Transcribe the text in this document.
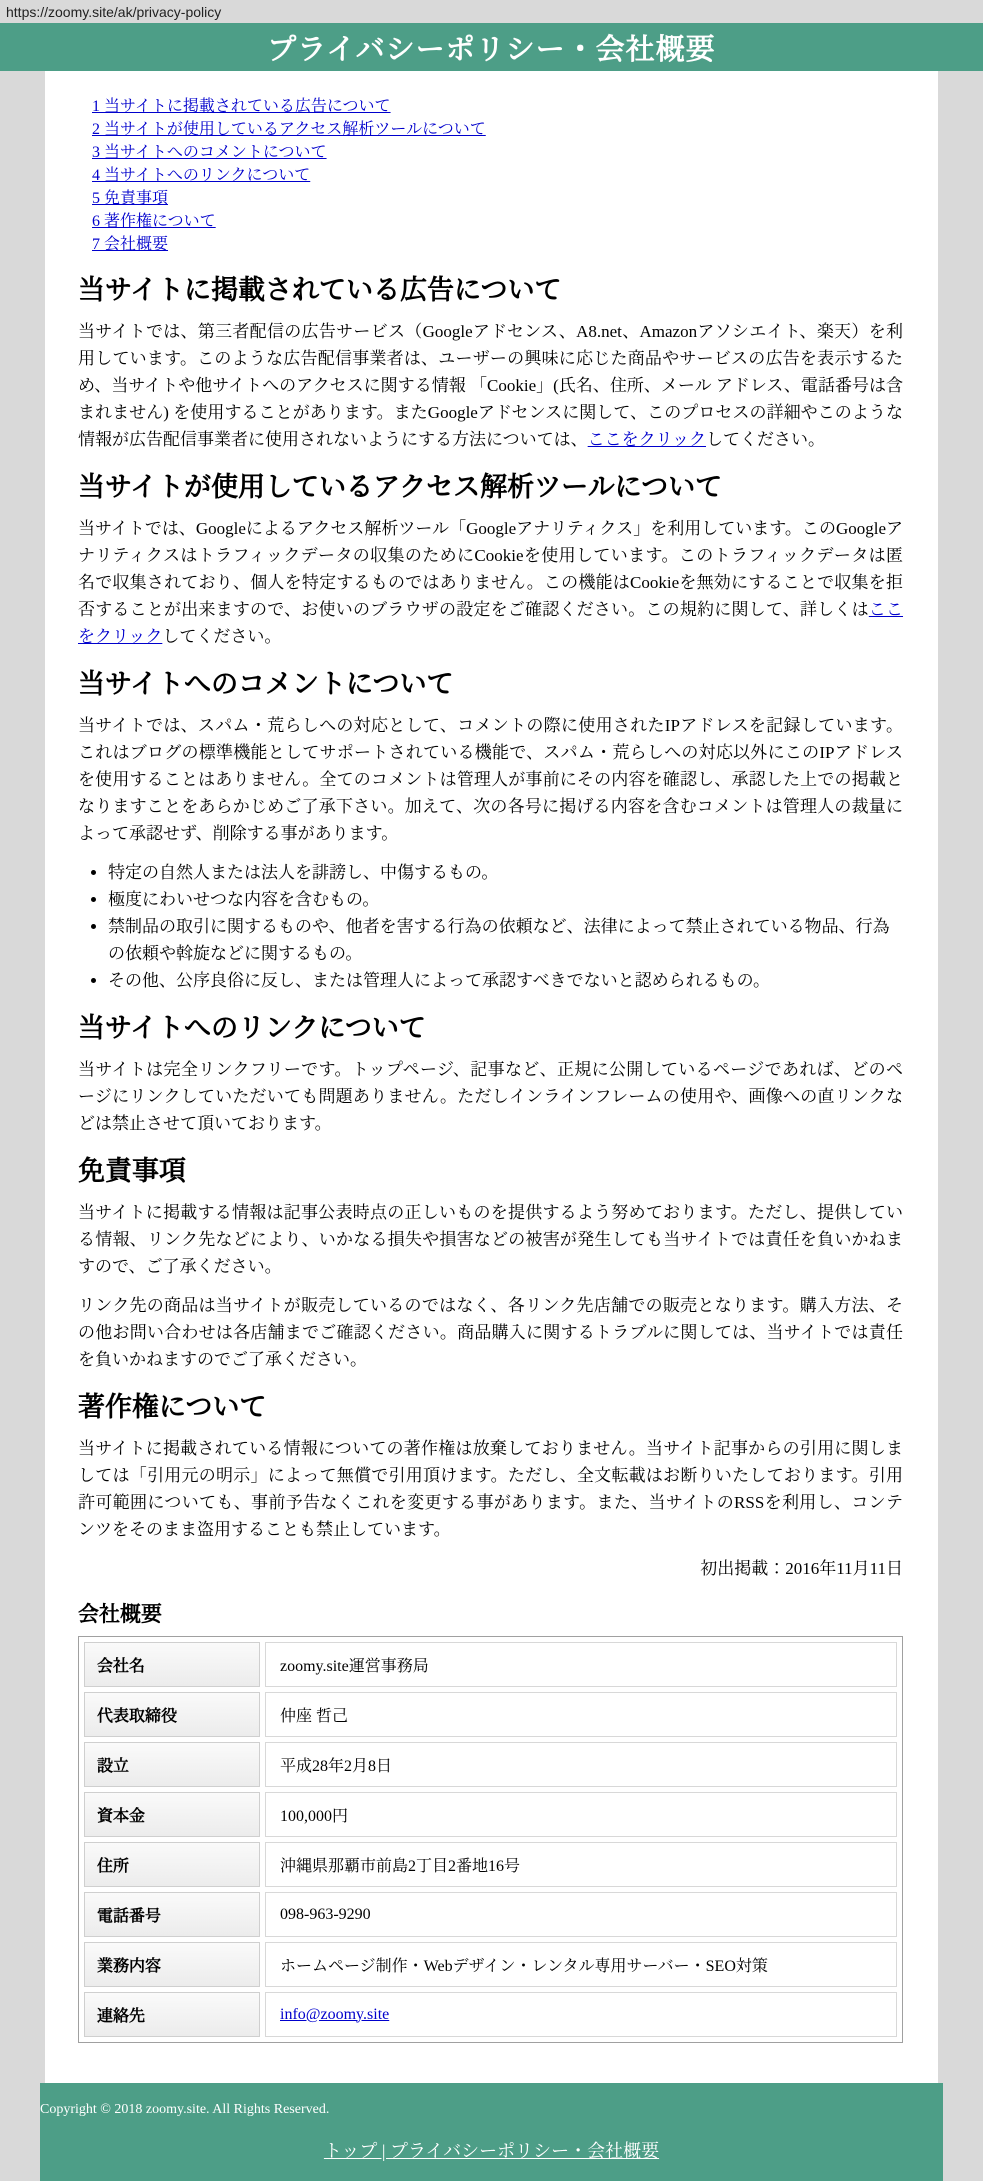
https://zoomy.site/ak/privacy-policy
プライバシーポリシー・会社概要
1 当サイトに掲載されている広告について
2 当サイトが使用しているアクセス解析ツールについて
3 当サイトへのコメントについて
4 当サイトへのリンクについて
5 免責事項
6 著作権について
7 会社概要
当サイトに掲載されている広告について

当サイトでは、第三者配信の広告サービス（Googleアドセンス、A8.net、Amazonアソシエイト、楽天）を利用しています。このような広告配信事業者は、ユーザーの興味に応じた商品やサービスの広告を表示するため、当サイトや他サイトへのアクセスに関する情報 「Cookie」(氏名、住所、メール アドレス、電話番号は含まれません) を使用することがあります。またGoogleアドセンスに関して、このプロセスの詳細やこのような情報が広告配信事業者に使用されないようにする方法については、ここをクリックしてください。

当サイトが使用しているアクセス解析ツールについて

当サイトでは、Googleによるアクセス解析ツール「Googleアナリティクス」を利用しています。このGoogleアナリティクスはトラフィックデータの収集のためにCookieを使用しています。このトラフィックデータは匿名で収集されており、個人を特定するものではありません。この機能はCookieを無効にすることで収集を拒否することが出来ますので、お使いのブラウザの設定をご確認ください。この規約に関して、詳しくはここをクリックしてください。

当サイトへのコメントについて

当サイトでは、スパム・荒らしへの対応として、コメントの際に使用されたIPアドレスを記録しています。これはブログの標準機能としてサポートされている機能で、スパム・荒らしへの対応以外にこのIPアドレスを使用することはありません。全てのコメントは管理人が事前にその内容を確認し、承認した上での掲載となりますことをあらかじめご了承下さい。加えて、次の各号に掲げる内容を含むコメントは管理人の裁量によって承認せず、削除する事があります。

• 特定の自然人または法人を誹謗し、中傷するもの。
• 極度にわいせつな内容を含むもの。
• 禁制品の取引に関するものや、他者を害する行為の依頼など、法律によって禁止されている物品、行為の依頼や斡旋などに関するもの。
• その他、公序良俗に反し、または管理人によって承認すべきでないと認められるもの。
当サイトへのリンクについて

当サイトは完全リンクフリーです。トップページ、記事など、正規に公開しているページであれば、どのページにリンクしていただいても問題ありません。ただしインラインフレームの使用や、画像への直リンクなどは禁止させて頂いております。

免責事項

当サイトに掲載する情報は記事公表時点の正しいものを提供するよう努めております。ただし、提供している情報、リンク先などにより、いかなる損失や損害などの被害が発生しても当サイトでは責任を負いかねますので、ご了承ください。

リンク先の商品は当サイトが販売しているのではなく、各リンク先店舗での販売となります。購入方法、その他お問い合わせは各店舗までご確認ください。商品購入に関するトラブルに関しては、当サイトでは責任を負いかねますのでご了承ください。

著作権について

当サイトに掲載されている情報についての著作権は放棄しておりません。当サイト記事からの引用に関しましては「引用元の明示」によって無償で引用頂けます。ただし、全文転載はお断りいたしております。引用許可範囲についても、事前予告なくこれを変更する事があります。また、当サイトのRSSを利用し、コンテンツをそのまま盗用することも禁止しています。

初出掲載：2016年11月11日

会社概要
会社名	zoomy.site運営事務局
代表取締役	仲座 哲己
設立	平成28年2月8日
資本金	100,000円
住所	沖縄県那覇市前島2丁目2番地16号
電話番号	098-963-9290
業務内容	ホームページ制作・Webデザイン・レンタル専用サーバー・SEO対策
連絡先	info@zoomy.site

Copyright © 2018 zoomy.site. All Rights Reserved.

トップ | プライバシーポリシー・会社概要
